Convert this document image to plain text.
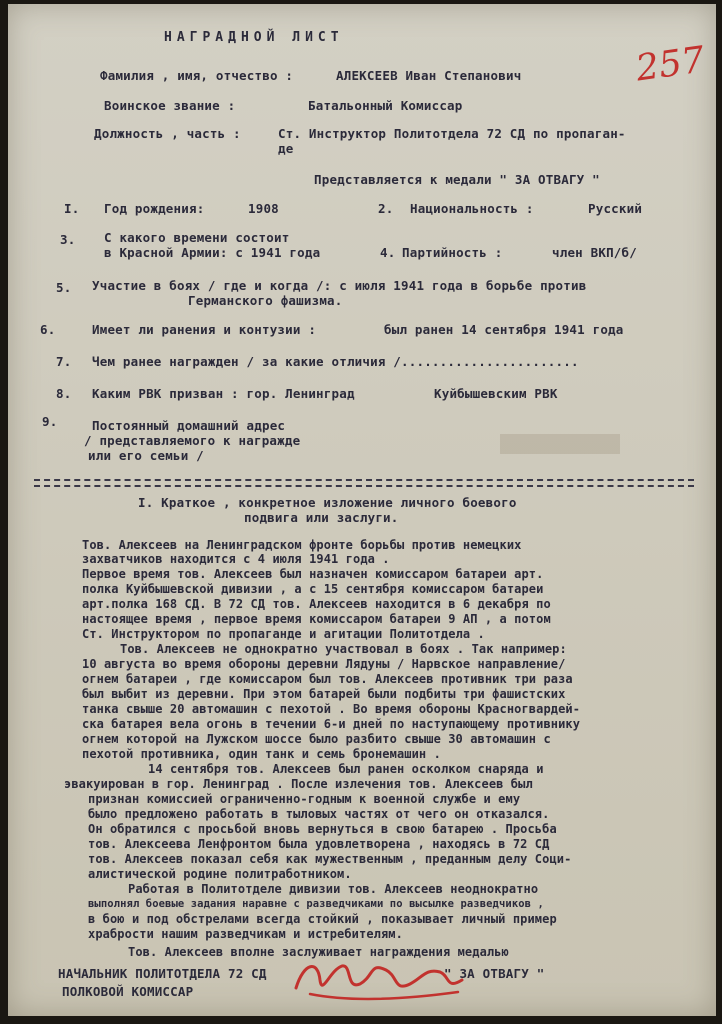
НАГРАДНОЙ ЛИСТ
257
Фамилия , имя, отчество :	АЛЕКСЕЕВ Иван Степанович
Воинское звание :	Батальонный Комиссар
Должность , часть :	Ст. Инструктор Политотдела 72 СД по пропаган-
де
Представляется к медали " ЗА ОТВАГУ "
I. Год рождения:	1908	2. Национальность :	Русский
3. С какого времени состоит
в Красной Армии: с 1941 года	4. Партийность :	член ВКП/б/
5. Участие в боях / где и когда /: с июля 1941 года в борьбе против
Германского фашизма.
6.	Имеет ли ранения и контузии :	был ранен 14 сентября 1941 года
7. Чем ранее награжден / за какие отличия /.......................
8. Каким РВК призван : гор. Ленинград	Куйбышевским РВК
9.	Постоянный домашний адрес
/ представляемого к награжде
или его семьи /
I. Краткое , конкретное изложение личного боевого
подвига или заслуги.
Тов. Алексеев на Ленинградском фронте борьбы против немецких
захватчиков находится с 4 июля 1941 года .
Первое время тов. Алексеев был назначен комиссаром батареи арт.
полка Куйбышевской дивизии , а с 15 сентября комиссаром батареи
арт.полка 168 СД. В 72 СД тов. Алексеев находится в 6 декабря по
настоящее время , первое время комиссаром батареи 9 АП , а потом
Ст. Инструктором по пропаганде и агитации Политотдела .
Тов. Алексеев не однократно участвовал в боях . Так например:
10 августа во время обороны деревни Лядуны / Нарвское направление/
огнем батареи , где комиссаром был тов. Алексеев противник три раза
был выбит из деревни. При этом батарей были подбиты три фашистских
танка свыше 20 автомашин с пехотой . Во время обороны Красногвардей-
ска батарея вела огонь в течении 6-и дней по наступающему противнику
огнем которой на Лужском шоссе было разбито свыше 30 автомашин с
пехотой противника, один танк и семь бронемашин .
14 сентября тов. Алексеев был ранен осколком снаряда и
эвакуирован в гор. Ленинград . После излечения тов. Алексеев был
признан комиссией ограниченно-годным к военной службе и ему
было предложено работать в тыловых частях от чего он отказался.
Он обратился с просьбой вновь вернуться в свою батарею . Просьба
тов. Алексеева Ленфронтом была удовлетворена , находясь в 72 СД
тов. Алексеев показал себя как мужественным , преданным делу Соци-
алистической родине политработником.
Работая в Политотделе дивизии тов. Алексеев неоднократно
выполнял боевые задания наравне с разведчиками по высылке разведчиков ,
в бою и под обстрелами всегда стойкий , показывает личный пример
храбрости нашим разведчикам и истребителям.
Тов. Алексеев вполне заслуживает награждения медалью
НАЧАЛЬНИК ПОЛИТОТДЕЛА 72 СД	" ЗА ОТВАГУ "
ПОЛКОВОЙ КОМИССАР
